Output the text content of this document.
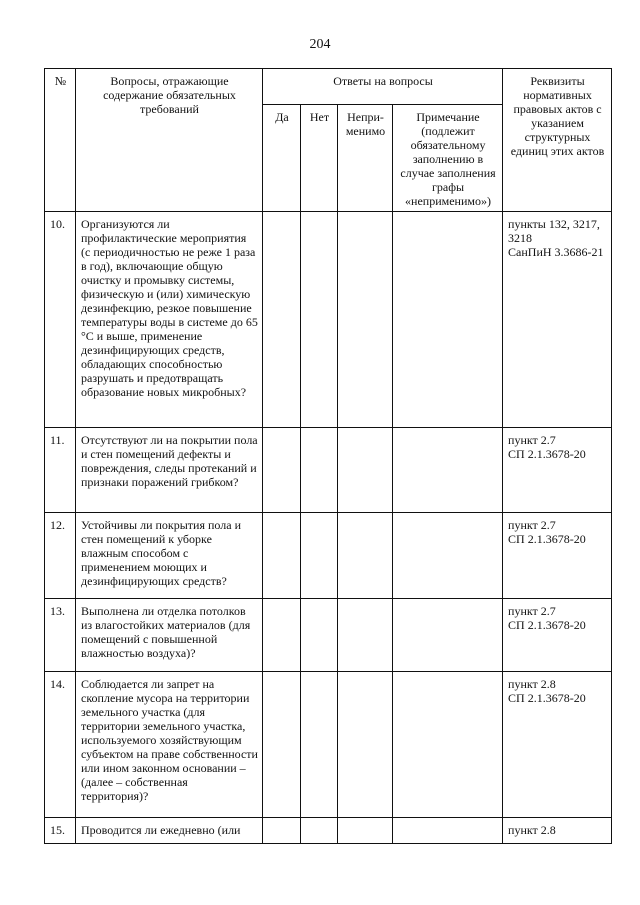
204
№	Вопросы, отражающие содержание обязательных требований	Ответы на вопросы				Реквизиты нормативных правовых актов с указанием структурных единиц этих актов
		Да	Нет	Непри-менимо	Примечание (подлежит обязательному заполнению в случае заполнения графы «неприменимо»)	
10.	Организуются ли профилактические мероприятия (с периодичностью не реже 1 раза в год), включающие общую очистку и промывку системы, физическую и (или) химическую дезинфекцию, резкое повышение температуры воды в системе до 65 °С и выше, применение дезинфицирующих средств, обладающих способностью разрушать и предотвращать образование новых микробных?					пункты 132, 3217, 3218
СанПиН 3.3686-21
11.	Отсутствуют ли на покрытии пола и стен помещений дефекты и повреждения, следы протеканий и признаки поражений грибком?					пункт 2.7
СП 2.1.3678-20
12.	Устойчивы ли покрытия пола и стен помещений к уборке влажным способом с применением моющих и дезинфицирующих средств?					пункт 2.7
СП 2.1.3678-20
13.	Выполнена ли отделка потолков из влагостойких материалов (для помещений с повышенной влажностью воздуха)?					пункт 2.7
СП 2.1.3678-20
14.	Соблюдается ли запрет на скопление мусора на территории земельного участка (для территории земельного участка, используемого хозяйствующим субъектом на праве собственности или ином законном основании – (далее – собственная территория)?					пункт 2.8
СП 2.1.3678-20
15.	Проводится ли ежедневно (или					пункт 2.8
